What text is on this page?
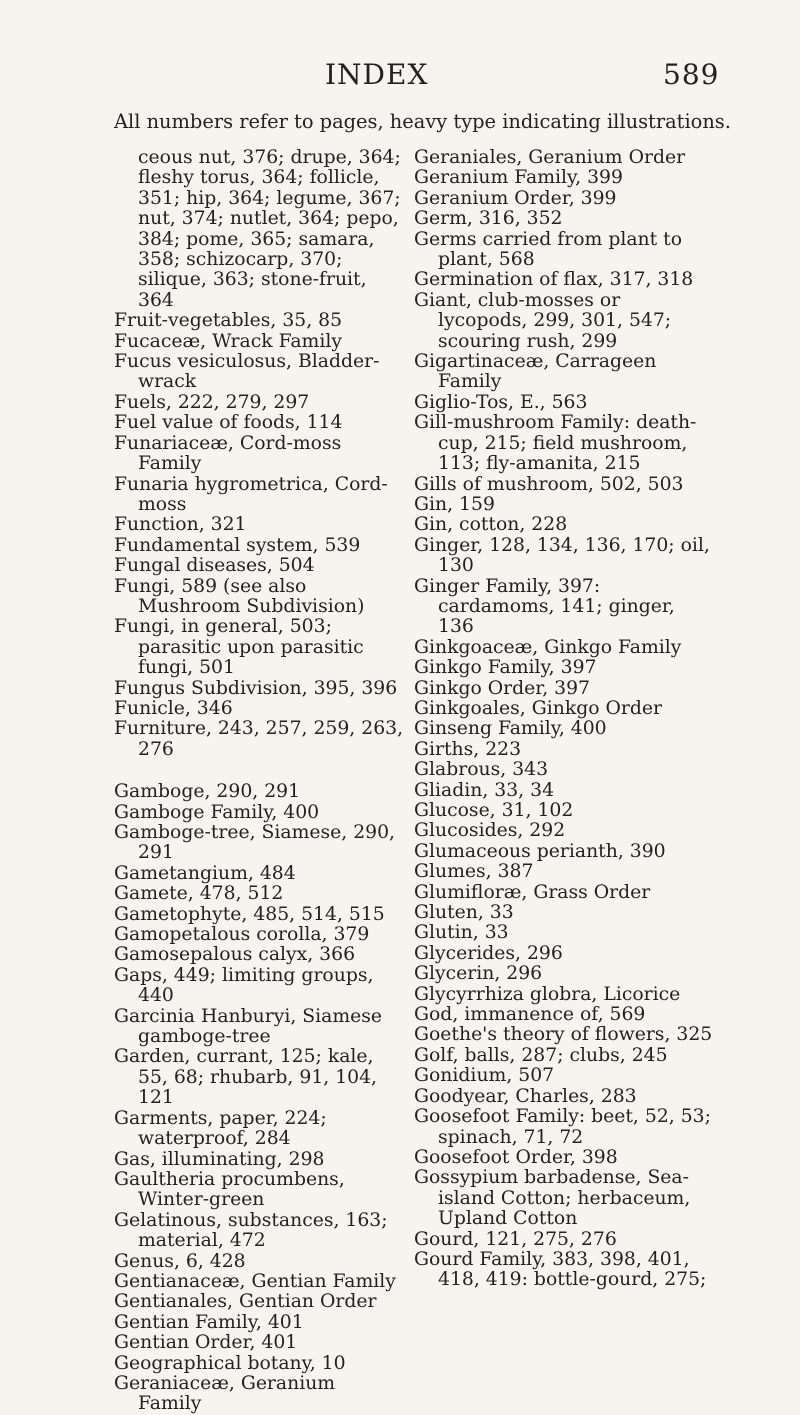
INDEX	589
All numbers refer to pages, heavy type indicating illustrations.

ceous nut, 376; drupe, 364; fleshy torus, 364; follicle, 351; hip, 364; legume, 367; nut, 374; nutlet, 364; pepo, 384; pome, 365; samara, 358; schizocarp, 370; silique, 363; stone-fruit, 364

Fruit-vegetables, 35, 85

Fucaceæ, Wrack Family

Fucus vesiculosus, Bladder-wrack

Fuels, 222, 279, 297

Fuel value of foods, 114

Funariaceæ, Cord-moss Family

Funaria hygrometrica, Cord-moss

Function, 321

Fundamental system, 539

Fungal diseases, 504

Fungi, 589 (see also Mushroom Subdivision)

Fungi, in general, 503; parasitic upon parasitic fungi, 501

Fungus Subdivision, 395, 396

Funicle, 346

Furniture, 243, 257, 259, 263, 276

Gamboge, 290, 291

Gamboge Family, 400

Gamboge-tree, Siamese, 290, 291

Gametangium, 484

Gamete, 478, 512

Gametophyte, 485, 514, 515

Gamopetalous corolla, 379

Gamosepalous calyx, 366

Gaps, 449; limiting groups, 440

Garcinia Hanburyi, Siamese gamboge-tree

Garden, currant, 125; kale, 55, 68; rhubarb, 91, 104, 121

Garments, paper, 224; waterproof, 284

Gas, illuminating, 298

Gaultheria procumbens, Winter-green

Gelatinous, substances, 163; material, 472

Genus, 6, 428

Gentianaceæ, Gentian Family

Gentianales, Gentian Order

Gentian Family, 401

Gentian Order, 401

Geographical botany, 10

Geraniaceæ, Geranium Family

Geraniales, Geranium Order

Geranium Family, 399

Geranium Order, 399

Germ, 316, 352

Germs carried from plant to plant, 568

Germination of flax, 317, 318

Giant, club-mosses or lycopods, 299, 301, 547; scouring rush, 299

Gigartinaceæ, Carrageen Family

Giglio-Tos, E., 563

Gill-mushroom Family: death-cup, 215; field mushroom, 113; fly-amanita, 215

Gills of mushroom, 502, 503

Gin, 159

Gin, cotton, 228

Ginger, 128, 134, 136, 170; oil, 130

Ginger Family, 397: cardamoms, 141; ginger, 136

Ginkgoaceæ, Ginkgo Family

Ginkgo Family, 397

Ginkgo Order, 397

Ginkgoales, Ginkgo Order

Ginseng Family, 400

Girths, 223

Glabrous, 343

Gliadin, 33, 34

Glucose, 31, 102

Glucosides, 292

Glumaceous perianth, 390

Glumes, 387

Glumifloræ, Grass Order

Gluten, 33

Glutin, 33

Glycerides, 296

Glycerin, 296

Glycyrrhiza globra, Licorice

God, immanence of, 569

Goethe's theory of flowers, 325

Golf, balls, 287; clubs, 245

Gonidium, 507

Goodyear, Charles, 283

Goosefoot Family: beet, 52, 53; spinach, 71, 72

Goosefoot Order, 398

Gossypium barbadense, Sea-island Cotton; herbaceum, Upland Cotton

Gourd, 121, 275, 276

Gourd Family, 383, 398, 401, 418, 419: bottle-gourd, 275;
